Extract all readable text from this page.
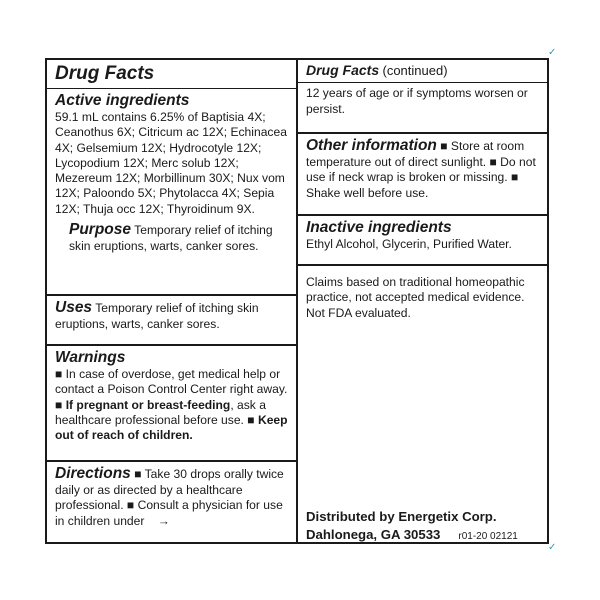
Drug Facts
Active ingredients
59.1 mL contains 6.25% of Baptisia 4X; Ceanothus 6X; Citricum ac 12X; Echinacea 4X; Gelsemium 12X; Hydrocotyle 12X; Lycopodium 12X; Merc solub 12X; Mezereum 12X; Morbillinum 30X; Nux vom 12X; Paloondo 5X; Phytolacca 4X; Sepia 12X; Thuja occ 12X; Thyroidinum 9X.
Purpose Temporary relief of itching skin eruptions, warts, canker sores.
Uses Temporary relief of itching skin eruptions, warts, canker sores.
Warnings
■ In case of overdose, get medical help or contact a Poison Control Center right away. ■ If pregnant or breast-feeding, ask a healthcare professional before use. ■ Keep out of reach of children.
Directions ■ Take 30 drops orally twice daily or as directed by a healthcare professional. ■ Consult a physician for use in children under →
Drug Facts (continued)
12 years of age or if symptoms worsen or persist.
Other information ■ Store at room temperature out of direct sunlight. ■ Do not use if neck wrap is broken or missing. ■ Shake well before use.
Inactive ingredients
Ethyl Alcohol, Glycerin, Purified Water.
Claims based on traditional homeopathic practice, not accepted medical evidence. Not FDA evaluated.
Distributed by Energetix Corp.
Dahlonega, GA 30533 r01-20 02121
✓
✓
